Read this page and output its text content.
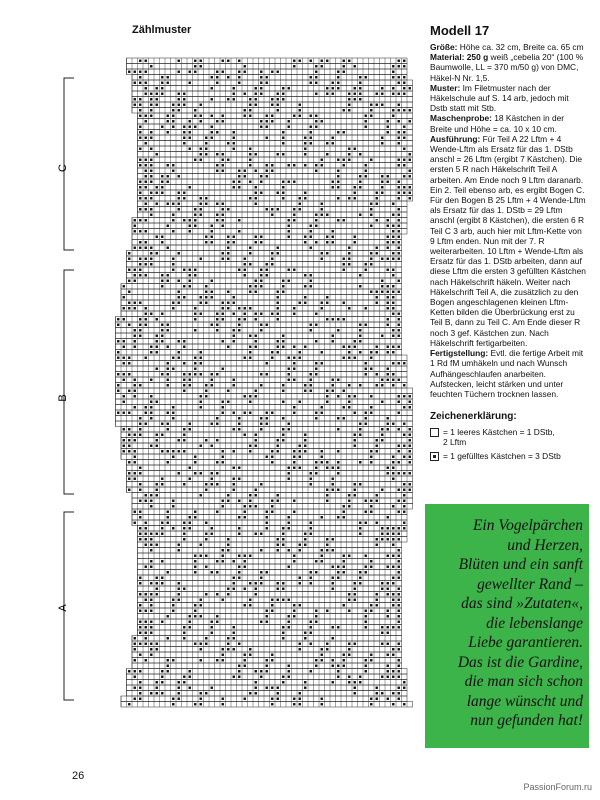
Zählmuster
C
B
A
Modell 17

Größe: Höhe ca. 32 cm, Breite ca. 65 cm

Material: 250 g weiß „cebelia 20“ (100 % Baumwolle, LL = 370 m/50 g) von DMC, Häkel-N Nr. 1,5.

Muster: Im Filetmuster nach der Häkelschule auf S. 14 arb, jedoch mit Dstb statt mit Stb.

Maschenprobe: 18 Kästchen in der Breite und Höhe = ca. 10 x 10 cm.

Ausführung: Für Teil A 22 Lftm + 4 Wende-Lftm als Ersatz für das 1. DStb anschl = 26 Lftm (ergibt 7 Kästchen). Die ersten 5 R nach Häkelschrift Teil A arbeiten. Am Ende noch 9 Lftm daranarb. Ein 2. Teil ebenso arb, es ergibt Bogen C. Für den Bogen B 25 Lftm + 4 Wende-Lftm als Ersatz für das 1. DStb = 29 Lftm anschl (ergibt 8 Kästchen), die ersten 6 R Teil C 3 arb, auch hier mit Lftm-Kette von 9 Lftm enden. Nun mit der 7. R weiterarbeiten. 10 Lftm + Wende-Lftm als Ersatz für das 1. DStb arbeiten, dann auf diese Lftm die ersten 3 gefüllten Kästchen nach Häkelschrift häkeln. Weiter nach Häkelschrift Teil A, die zusätzlich zu den Bogen angeschlagenen kleinen Lftm-Ketten bilden die Überbrückung erst zu Teil B, dann zu Teil C. Am Ende dieser R noch 3 gef. Kästchen zun. Nach Häkelschrift fertigarbeiten.

Fertigstellung: Evtl. die fertige Arbeit mit 1 Rd fM umhäkeln und nach Wunsch Aufhängeschlaufen anarbeiten. Aufstecken, leicht stärken und unter feuchten Tüchern trocknen lassen.

Zeichenerklärung:
= 1 leeres Kästchen = 1 DStb,
2 Lftm
= 1 gefülltes Kästchen = 3 DStb
Ein Vogelpärchen
und Herzen,
Blüten und ein sanft
gewellter Rand –
das sind »Zutaten«,
die lebenslange
Liebe garantieren.
Das ist die Gardine,
die man sich schon
lange wünscht und
nun gefunden hat!
26
PassionForum.ru
